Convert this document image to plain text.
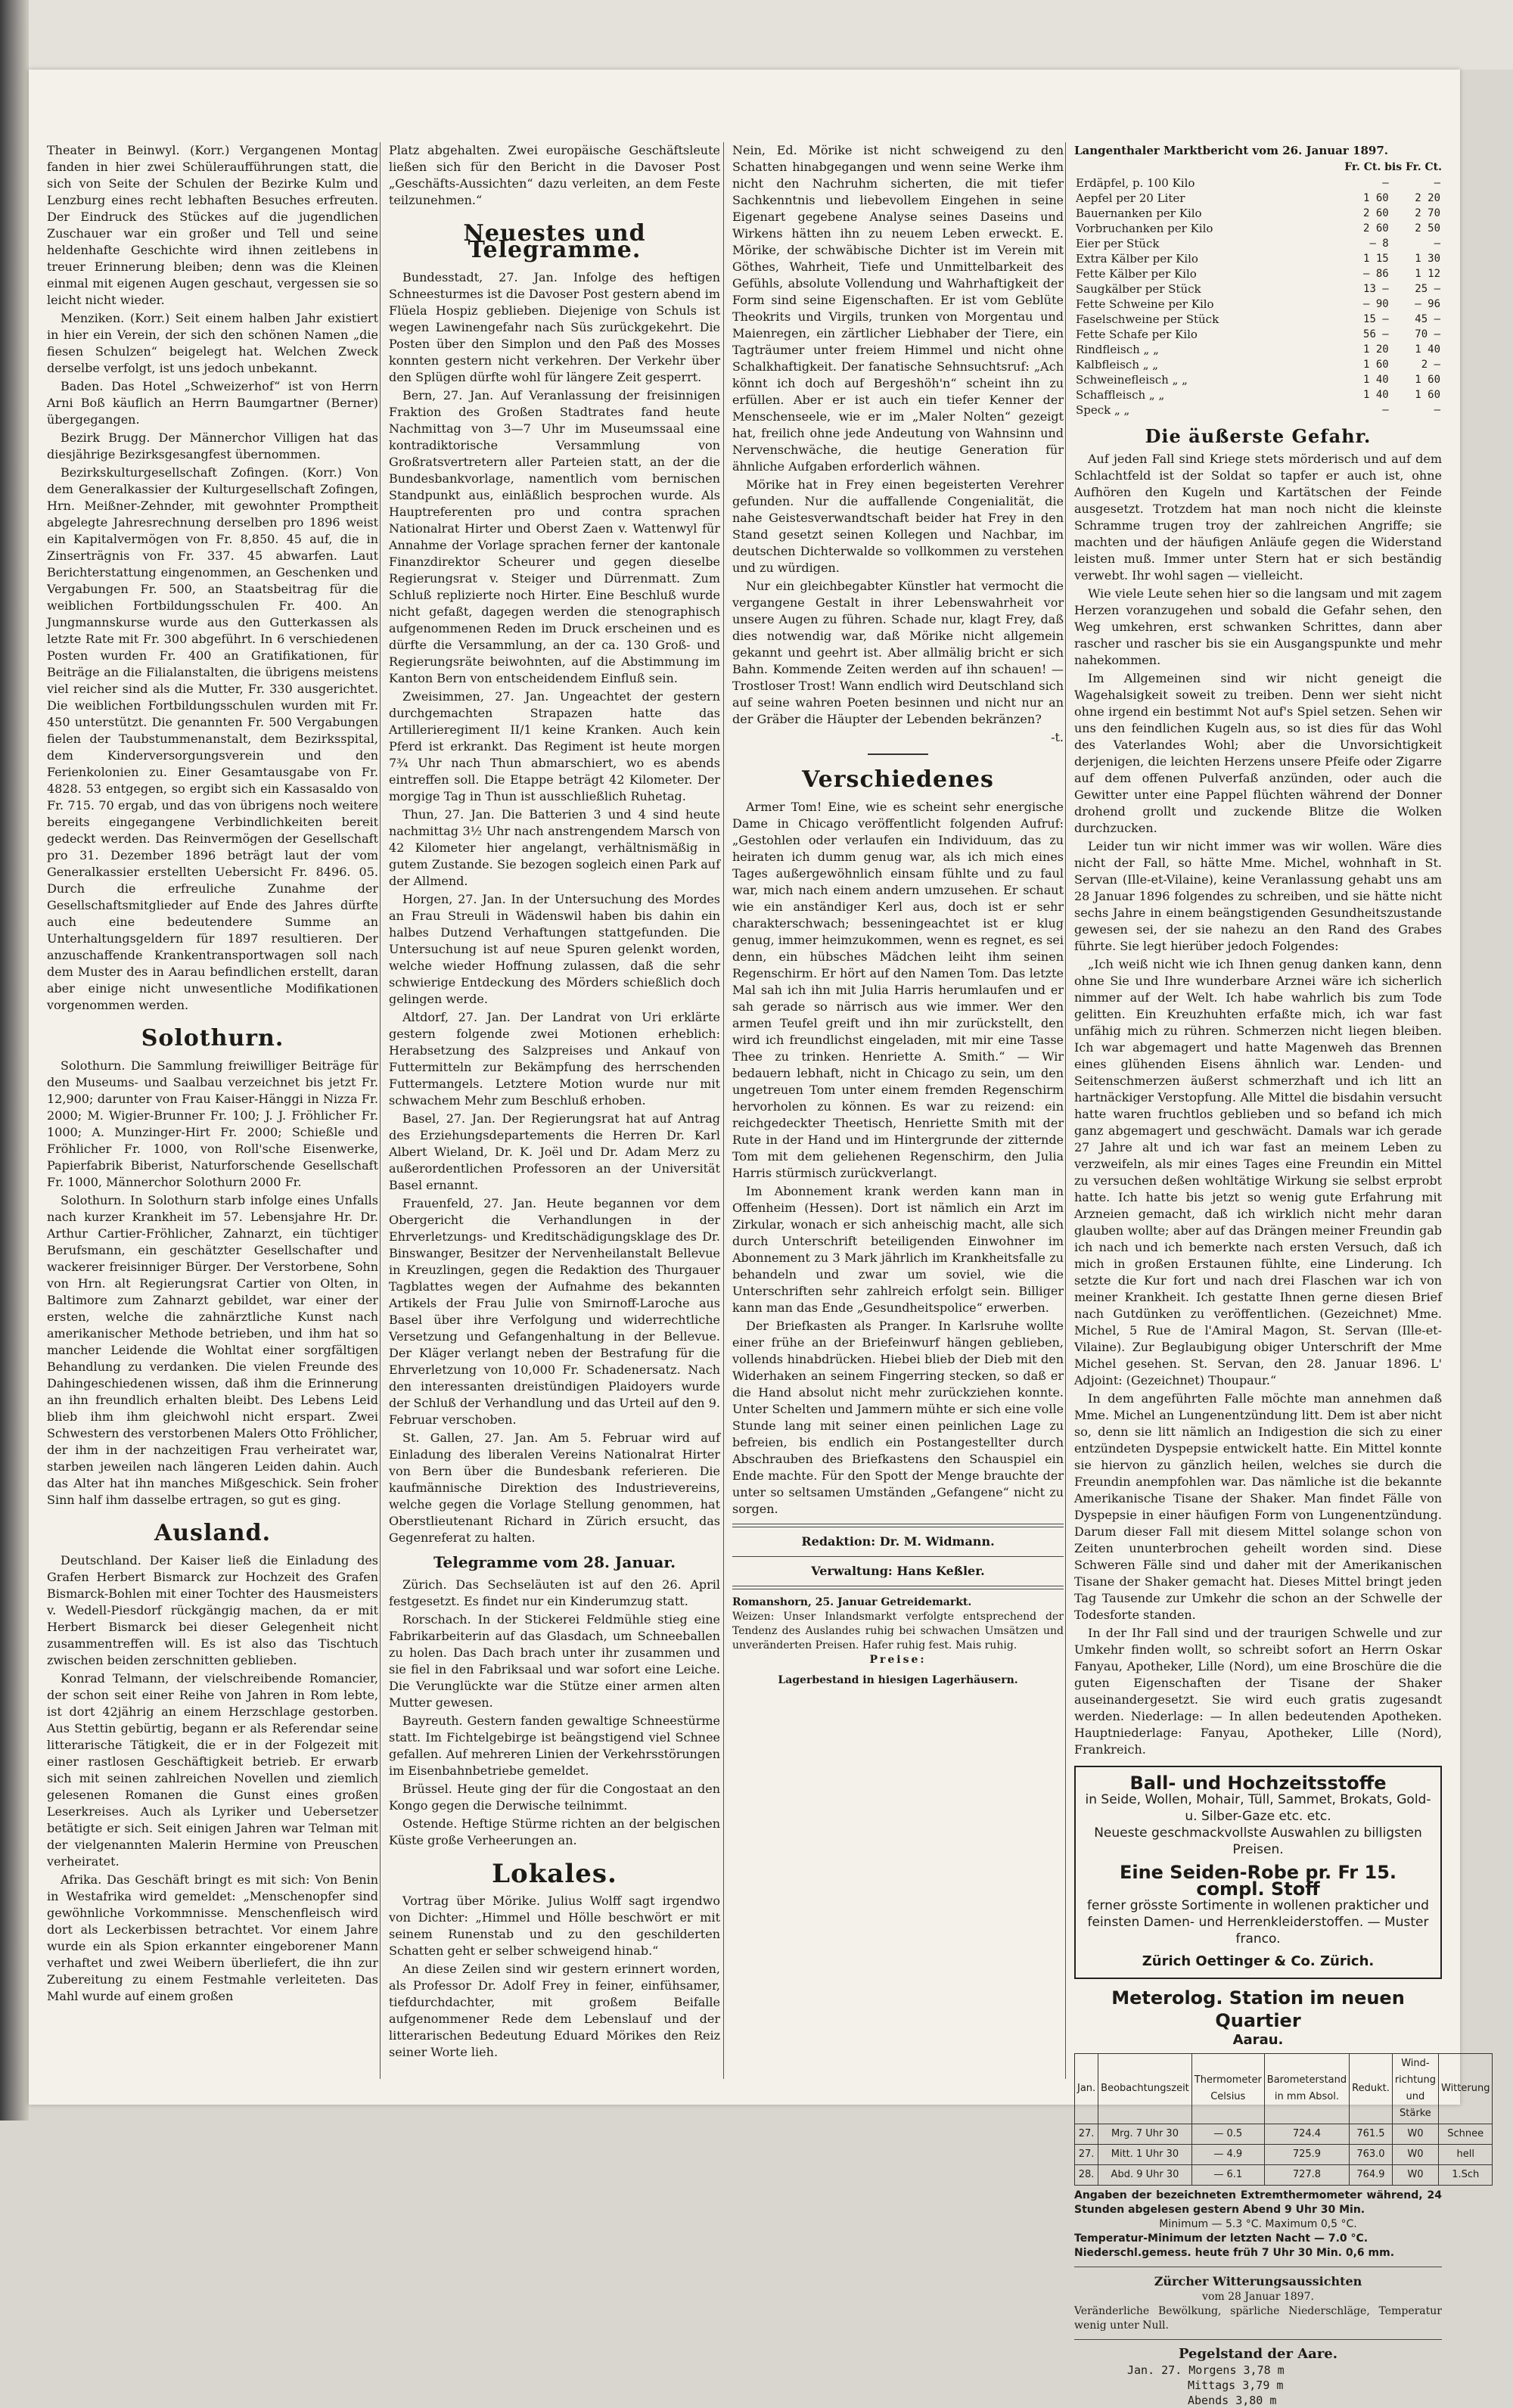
Theater in Beinwyl. (Korr.) Vergangenen Montag fanden in hier zwei Schüleraufführungen statt, die sich von Seite der Schulen der Bezirke Kulm und Lenzburg eines recht lebhaften Besuches erfreuten. Der Eindruck des Stückes auf die jugendlichen Zuschauer war ein großer und Tell und seine heldenhafte Geschichte wird ihnen zeitlebens in treuer Erinnerung bleiben; denn was die Kleinen einmal mit eigenen Augen geschaut, vergessen sie so leicht nicht wieder.

Menziken. (Korr.) Seit einem halben Jahr existiert in hier ein Verein, der sich den schönen Namen „die fiesen Schulzen“ beigelegt hat. Welchen Zweck derselbe verfolgt, ist uns jedoch unbekannt.

Baden. Das Hotel „Schweizerhof“ ist von Herrn Arni Boß käuflich an Herrn Baumgartner (Berner) übergegangen.

Bezirk Brugg. Der Männerchor Villigen hat das diesjährige Bezirksgesangfest übernommen.

Bezirkskulturgesellschaft Zofingen. (Korr.) Von dem Generalkassier der Kulturgesellschaft Zofingen, Hrn. Meißner-Zehnder, mit gewohnter Promptheit abgelegte Jahresrechnung derselben pro 1896 weist ein Kapitalvermögen von Fr. 8,850. 45 auf, die in Zinserträgnis von Fr. 337. 45 abwarfen. Laut Berichterstattung eingenommen, an Geschenken und Vergabungen Fr. 500, an Staatsbeitrag für die weiblichen Fortbildungsschulen Fr. 400. An Jungmannskurse wurde aus den Gutterkassen als letzte Rate mit Fr. 300 abgeführt. In 6 verschiedenen Posten wurden Fr. 400 an Gratifikationen, für Beiträge an die Filialanstalten, die übrigens meistens viel reicher sind als die Mutter, Fr. 330 ausgerichtet. Die weiblichen Fortbildungsschulen wurden mit Fr. 450 unterstützt. Die genannten Fr. 500 Vergabungen fielen der Taubstummenanstalt, dem Bezirksspital, dem Kinderversorgungsverein und den Ferienkolonien zu. Einer Gesamtausgabe von Fr. 4828. 53 entgegen, so ergibt sich ein Kassasaldo von Fr. 715. 70 ergab, und das von übrigens noch weitere bereits eingegangene Verbindlichkeiten bereit gedeckt werden. Das Reinvermögen der Gesellschaft pro 31. Dezember 1896 beträgt laut der vom Generalkassier erstellten Uebersicht Fr. 8496. 05. Durch die erfreuliche Zunahme der Gesellschaftsmitglieder auf Ende des Jahres dürfte auch eine bedeutendere Summe an Unterhaltungsgeldern für 1897 resultieren. Der anzuschaffende Krankentransportwagen soll nach dem Muster des in Aarau befindlichen erstellt, daran aber einige nicht unwesentliche Modifikationen vorgenommen werden.

Solothurn.

Solothurn. Die Sammlung freiwilliger Beiträge für den Museums- und Saalbau verzeichnet bis jetzt Fr. 12,900; darunter von Frau Kaiser-Hänggi in Nizza Fr. 2000; M. Wigier-Brunner Fr. 100; J. J. Fröhlicher Fr. 1000; A. Munzinger-Hirt Fr. 2000; Schießle und Fröhlicher Fr. 1000, von Roll'sche Eisenwerke, Papierfabrik Biberist, Naturforschende Gesellschaft Fr. 1000, Männerchor Solothurn 2000 Fr.

Solothurn. In Solothurn starb infolge eines Unfalls nach kurzer Krankheit im 57. Lebensjahre Hr. Dr. Arthur Cartier-Fröhlicher, Zahnarzt, ein tüchtiger Berufsmann, ein geschätzter Gesellschafter und wackerer freisinniger Bürger. Der Verstorbene, Sohn von Hrn. alt Regierungsrat Cartier von Olten, in Baltimore zum Zahnarzt gebildet, war einer der ersten, welche die zahnärztliche Kunst nach amerikanischer Methode betrieben, und ihm hat so mancher Leidende die Wohltat einer sorgfältigen Behandlung zu verdanken. Die vielen Freunde des Dahingeschiedenen wissen, daß ihm die Erinnerung an ihn freundlich erhalten bleibt. Des Lebens Leid blieb ihm ihm gleichwohl nicht erspart. Zwei Schwestern des verstorbenen Malers Otto Fröhlicher, der ihm in der nachzeitigen Frau verheiratet war, starben jeweilen nach längeren Leiden dahin. Auch das Alter hat ihn manches Mißgeschick. Sein froher Sinn half ihm dasselbe ertragen, so gut es ging.

Ausland.

Deutschland. Der Kaiser ließ die Einladung des Grafen Herbert Bismarck zur Hochzeit des Grafen Bismarck-Bohlen mit einer Tochter des Hausmeisters v. Wedell-Piesdorf rückgängig machen, da er mit Herbert Bismarck bei dieser Gelegenheit nicht zusammentreffen will. Es ist also das Tischtuch zwischen beiden zerschnitten geblieben.

Konrad Telmann, der vielschreibende Romancier, der schon seit einer Reihe von Jahren in Rom lebte, ist dort 42jährig an einem Herzschlage gestorben. Aus Stettin gebürtig, begann er als Referendar seine litterarische Tätigkeit, die er in der Folgezeit mit einer rastlosen Geschäftigkeit betrieb. Er erwarb sich mit seinen zahlreichen Novellen und ziemlich gelesenen Romanen die Gunst eines großen Leserkreises. Auch als Lyriker und Uebersetzer betätigte er sich. Seit einigen Jahren war Telman mit der vielgenannten Malerin Hermine von Preuschen verheiratet.

Afrika. Das Geschäft bringt es mit sich: Von Benin in Westafrika wird gemeldet: „Menschenopfer sind gewöhnliche Vorkommnisse. Menschenfleisch wird dort als Leckerbissen betrachtet. Vor einem Jahre wurde ein als Spion erkannter eingeborener Mann verhaftet und zwei Weibern überliefert, die ihn zur Zubereitung zu einem Festmahle verleiteten. Das Mahl wurde auf einem großen

Platz abgehalten. Zwei europäische Geschäftsleute ließen sich für den Bericht in die Davoser Post „Geschäfts-Aussichten“ dazu verleiten, an dem Feste teilzunehmen.“

Neuestes und Telegramme.

Bundesstadt, 27. Jan. Infolge des heftigen Schneesturmes ist die Davoser Post gestern abend im Flüela Hospiz geblieben. Diejenige von Schuls ist wegen Lawinengefahr nach Süs zurückgekehrt. Die Posten über den Simplon und den Paß des Mosses konnten gestern nicht verkehren. Der Verkehr über den Splügen dürfte wohl für längere Zeit gesperrt.

Bern, 27. Jan. Auf Veranlassung der freisinnigen Fraktion des Großen Stadtrates fand heute Nachmittag von 3—7 Uhr im Museumssaal eine kontradiktorische Versammlung von Großratsvertretern aller Parteien statt, an der die Bundesbankvorlage, namentlich vom bernischen Standpunkt aus, einläßlich besprochen wurde. Als Hauptreferenten pro und contra sprachen Nationalrat Hirter und Oberst Zaen v. Wattenwyl für Annahme der Vorlage sprachen ferner der kantonale Finanzdirektor Scheurer und gegen dieselbe Regierungsrat v. Steiger und Dürrenmatt. Zum Schluß replizierte noch Hirter. Eine Beschluß wurde nicht gefaßt, dagegen werden die stenographisch aufgenommenen Reden im Druck erscheinen und es dürfte die Versammlung, an der ca. 130 Groß- und Regierungsräte beiwohnten, auf die Abstimmung im Kanton Bern von entscheidendem Einfluß sein.

Zweisimmen, 27. Jan. Ungeachtet der gestern durchgemachten Strapazen hatte das Artillerieregiment II/1 keine Kranken. Auch kein Pferd ist erkrankt. Das Regiment ist heute morgen 7¾ Uhr nach Thun abmarschiert, wo es abends eintreffen soll. Die Etappe beträgt 42 Kilometer. Der morgige Tag in Thun ist ausschließlich Ruhetag.

Thun, 27. Jan. Die Batterien 3 und 4 sind heute nachmittag 3½ Uhr nach anstrengendem Marsch von 42 Kilometer hier angelangt, verhältnismäßig in gutem Zustande. Sie bezogen sogleich einen Park auf der Allmend.

Horgen, 27. Jan. In der Untersuchung des Mordes an Frau Streuli in Wädenswil haben bis dahin ein halbes Dutzend Verhaftungen stattgefunden. Die Untersuchung ist auf neue Spuren gelenkt worden, welche wieder Hoffnung zulassen, daß die sehr schwierige Entdeckung des Mörders schießlich doch gelingen werde.

Altdorf, 27. Jan. Der Landrat von Uri erklärte gestern folgende zwei Motionen erheblich: Herabsetzung des Salzpreises und Ankauf von Futtermitteln zur Bekämpfung des herrschenden Futtermangels. Letztere Motion wurde nur mit schwachem Mehr zum Beschluß erhoben.

Basel, 27. Jan. Der Regierungsrat hat auf Antrag des Erziehungsdepartements die Herren Dr. Karl Albert Wieland, Dr. K. Joël und Dr. Adam Merz zu außerordentlichen Professoren an der Universität Basel ernannt.

Frauenfeld, 27. Jan. Heute begannen vor dem Obergericht die Verhandlungen in der Ehrverletzungs- und Kreditschädigungsklage des Dr. Binswanger, Besitzer der Nervenheilanstalt Bellevue in Kreuzlingen, gegen die Redaktion des Thurgauer Tagblattes wegen der Aufnahme des bekannten Artikels der Frau Julie von Smirnoff-Laroche aus Basel über ihre Verfolgung und widerrechtliche Versetzung und Gefangenhaltung in der Bellevue. Der Kläger verlangt neben der Bestrafung für die Ehrverletzung von 10,000 Fr. Schadenersatz. Nach den interessanten dreistündigen Plaidoyers wurde der Schluß der Verhandlung und das Urteil auf den 9. Februar verschoben.

St. Gallen, 27. Jan. Am 5. Februar wird auf Einladung des liberalen Vereins Nationalrat Hirter von Bern über die Bundesbank referieren. Die kaufmännische Direktion des Industrievereins, welche gegen die Vorlage Stellung genommen, hat Oberstlieutenant Richard in Zürich ersucht, das Gegenreferat zu halten.

Telegramme vom 28. Januar.

Zürich. Das Sechseläuten ist auf den 26. April festgesetzt. Es findet nur ein Kinderumzug statt.

Rorschach. In der Stickerei Feldmühle stieg eine Fabrikarbeiterin auf das Glasdach, um Schneeballen zu holen. Das Dach brach unter ihr zusammen und sie fiel in den Fabriksaal und war sofort eine Leiche. Die Verunglückte war die Stütze einer armen alten Mutter gewesen.

Bayreuth. Gestern fanden gewaltige Schneestürme statt. Im Fichtelgebirge ist beängstigend viel Schnee gefallen. Auf mehreren Linien der Verkehrsstörungen im Eisenbahnbetriebe gemeldet.

Brüssel. Heute ging der für die Congostaat an den Kongo gegen die Derwische teilnimmt.

Ostende. Heftige Stürme richten an der belgischen Küste große Verheerungen an.

Lokales.

Vortrag über Mörike. Julius Wolff sagt irgendwo von Dichter: „Himmel und Hölle beschwört er mit seinem Runenstab und zu den geschilderten Schatten geht er selber schweigend hinab.“

An diese Zeilen sind wir gestern erinnert worden, als Professor Dr. Adolf Frey in feiner, einfühsamer, tiefdurchdachter, mit großem Beifalle aufgenommener Rede dem Lebenslauf und der litterarischen Bedeutung Eduard Mörikes den Reiz seiner Worte lieh.

Nein, Ed. Mörike ist nicht schweigend zu den Schatten hinabgegangen und wenn seine Werke ihm nicht den Nachruhm sicherten, die mit tiefer Sachkenntnis und liebevollem Eingehen in seine Eigenart gegebene Analyse seines Daseins und Wirkens hätten ihn zu neuem Leben erweckt. E. Mörike, der schwäbische Dichter ist im Verein mit Göthes, Wahrheit, Tiefe und Unmittelbarkeit des Gefühls, absolute Vollendung und Wahrhaftigkeit der Form sind seine Eigenschaften. Er ist vom Geblüte Theokrits und Virgils, trunken von Morgentau und Maienregen, ein zärtlicher Liebhaber der Tiere, ein Tagträumer unter freiem Himmel und nicht ohne Schalkhaftigkeit. Der fanatische Sehnsuchtsruf: „Ach könnt ich doch auf Bergeshöh'n“ scheint ihn zu erfüllen. Aber er ist auch ein tiefer Kenner der Menschenseele, wie er im „Maler Nolten“ gezeigt hat, freilich ohne jede Andeutung von Wahnsinn und Nervenschwäche, die heutige Generation für ähnliche Aufgaben erforderlich wähnen.

Mörike hat in Frey einen begeisterten Verehrer gefunden. Nur die auffallende Congenialität, die nahe Geistesverwandtschaft beider hat Frey in den Stand gesetzt seinen Kollegen und Nachbar, im deutschen Dichterwalde so vollkommen zu verstehen und zu würdigen.

Nur ein gleichbegabter Künstler hat vermocht die vergangene Gestalt in ihrer Lebenswahrheit vor unsere Augen zu führen. Schade nur, klagt Frey, daß dies notwendig war, daß Mörike nicht allgemein gekannt und geehrt ist. Aber allmälig bricht er sich Bahn. Kommende Zeiten werden auf ihn schauen! — Trostloser Trost! Wann endlich wird Deutschland sich auf seine wahren Poeten besinnen und nicht nur an der Gräber die Häupter der Lebenden bekränzen?

-t.
Verschiedenes

Armer Tom! Eine, wie es scheint sehr energische Dame in Chicago veröffentlicht folgenden Aufruf: „Gestohlen oder verlaufen ein Individuum, das zu heiraten ich dumm genug war, als ich mich eines Tages außergewöhnlich einsam fühlte und zu faul war, mich nach einem andern umzusehen. Er schaut wie ein anständiger Kerl aus, doch ist er sehr charakterschwach; besseningeachtet ist er klug genug, immer heimzukommen, wenn es regnet, es sei denn, ein hübsches Mädchen leiht ihm seinen Regenschirm. Er hört auf den Namen Tom. Das letzte Mal sah ich ihn mit Julia Harris herumlaufen und er sah gerade so närrisch aus wie immer. Wer den armen Teufel greift und ihn mir zurückstellt, den wird ich freundlichst eingeladen, mit mir eine Tasse Thee zu trinken. Henriette A. Smith.“ — Wir bedauern lebhaft, nicht in Chicago zu sein, um den ungetreuen Tom unter einem fremden Regenschirm hervorholen zu können. Es war zu reizend: ein reichgedeckter Theetisch, Henriette Smith mit der Rute in der Hand und im Hintergrunde der zitternde Tom mit dem geliehenen Regenschirm, den Julia Harris stürmisch zurückverlangt.

Im Abonnement krank werden kann man in Offenheim (Hessen). Dort ist nämlich ein Arzt im Zirkular, wonach er sich anheischig macht, alle sich durch Unterschrift beteiligenden Einwohner im Abonnement zu 3 Mark jährlich im Krankheitsfalle zu behandeln und zwar um soviel, wie die Unterschriften sehr zahlreich erfolgt sein. Billiger kann man das Ende „Gesundheitspolice“ erwerben.

Der Briefkasten als Pranger. In Karlsruhe wollte einer frühe an der Briefeinwurf hängen geblieben, vollends hinabdrücken. Hiebei blieb der Dieb mit den Widerhaken an seinem Fingerring stecken, so daß er die Hand absolut nicht mehr zurückziehen konnte. Unter Schelten und Jammern mühte er sich eine volle Stunde lang mit seiner einen peinlichen Lage zu befreien, bis endlich ein Postangestellter durch Abschrauben des Briefkastens den Schauspiel ein Ende machte. Für den Spott der Menge brauchte der unter so seltsamen Umständen „Gefangene“ nicht zu sorgen.

Redaktion: Dr. M. Widmann.
Verwaltung: Hans Keßler.
Romanshorn, 25. Januar Getreidemarkt.
Weizen: Unser Inlandsmarkt verfolgte entsprechend der Tendenz des Auslandes ruhig bei schwachen Umsätzen und unveränderten Preisen. Hafer ruhig fest. Mais ruhig.
Preise:
Lagerbestand in hiesigen Lagerhäusern.
Langenthaler Marktbericht vom 26. Januar 1897.
Fr. Ct. bis Fr. Ct.
Erdäpfel, p. 100 Kilo	—	—
Aepfel per 20 Liter	1 60	2 20
Bauernanken per Kilo	2 60	2 70
Vorbruchanken per Kilo	2 60	2 50
Eier per Stück	— 8	—
Extra Kälber per Kilo	1 15	1 30
Fette Kälber per Kilo	— 86	1 12
Saugkälber per Stück	13 —	25 —
Fette Schweine per Kilo	— 90	— 96
Faselschweine per Stück	15 —	45 —
Fette Schafe per Kilo	56 —	70 —
Rindfleisch „ „	1 20	1 40
Kalbfleisch „ „	1 60	2 —
Schweinefleisch „ „	1 40	1 60
Schaffleisch „ „	1 40	1 60
Speck „ „	—	—
Die äußerste Gefahr.

Auf jeden Fall sind Kriege stets mörderisch und auf dem Schlachtfeld ist der Soldat so tapfer er auch ist, ohne Aufhören den Kugeln und Kartätschen der Feinde ausgesetzt. Trotzdem hat man noch nicht die kleinste Schramme trugen troy der zahlreichen Angriffe; sie machten und der häufigen Anläufe gegen die Widerstand leisten muß. Immer unter Stern hat er sich beständig verwebt. Ihr wohl sagen — vielleicht.

Wie viele Leute sehen hier so die langsam und mit zagem Herzen voranzugehen und sobald die Gefahr sehen, den Weg umkehren, erst schwanken Schrittes, dann aber rascher und rascher bis sie ein Ausgangspunkte und mehr nahekommen.

Im Allgemeinen sind wir nicht geneigt die Wagehalsigkeit soweit zu treiben. Denn wer sieht nicht ohne irgend ein bestimmt Not auf's Spiel setzen. Sehen wir uns den feindlichen Kugeln aus, so ist dies für das Wohl des Vaterlandes Wohl; aber die Unvorsichtigkeit derjenigen, die leichten Herzens unsere Pfeife oder Zigarre auf dem offenen Pulverfaß anzünden, oder auch die Gewitter unter eine Pappel flüchten während der Donner drohend grollt und zuckende Blitze die Wolken durchzucken.

Leider tun wir nicht immer was wir wollen. Wäre dies nicht der Fall, so hätte Mme. Michel, wohnhaft in St. Servan (Ille-et-Vilaine), keine Veranlassung gehabt uns am 28 Januar 1896 folgendes zu schreiben, und sie hätte nicht sechs Jahre in einem beängstigenden Gesundheitszustande gewesen sei, der sie nahezu an den Rand des Grabes führte. Sie legt hierüber jedoch Folgendes:

„Ich weiß nicht wie ich Ihnen genug danken kann, denn ohne Sie und Ihre wunderbare Arznei wäre ich sicherlich nimmer auf der Welt. Ich habe wahrlich bis zum Tode gelitten. Ein Kreuzhuhten erfaßte mich, ich war fast unfähig mich zu rühren. Schmerzen nicht liegen bleiben. Ich war abgemagert und hatte Magenweh das Brennen eines glühenden Eisens ähnlich war. Lenden- und Seitenschmerzen äußerst schmerzhaft und ich litt an hartnäckiger Verstopfung. Alle Mittel die bisdahin versucht hatte waren fruchtlos geblieben und so befand ich mich ganz abgemagert und geschwächt. Damals war ich gerade 27 Jahre alt und ich war fast an meinem Leben zu verzweifeln, als mir eines Tages eine Freundin ein Mittel zu versuchen deßen wohltätige Wirkung sie selbst erprobt hatte. Ich hatte bis jetzt so wenig gute Erfahrung mit Arzneien gemacht, daß ich wirklich nicht mehr daran glauben wollte; aber auf das Drängen meiner Freundin gab ich nach und ich bemerkte nach ersten Versuch, daß ich mich in großen Erstaunen fühlte, eine Linderung. Ich setzte die Kur fort und nach drei Flaschen war ich von meiner Krankheit. Ich gestatte Ihnen gerne diesen Brief nach Gutdünken zu veröffentlichen. (Gezeichnet) Mme. Michel, 5 Rue de l'Amiral Magon, St. Servan (Ille-et-Vilaine). Zur Beglaubigung obiger Unterschrift der Mme Michel gesehen. St. Servan, den 28. Januar 1896. L' Adjoint: (Gezeichnet) Thoupaur.“

In dem angeführten Falle möchte man annehmen daß Mme. Michel an Lungenentzündung litt. Dem ist aber nicht so, denn sie litt nämlich an Indigestion die sich zu einer entzündeten Dyspepsie entwickelt hatte. Ein Mittel konnte sie hiervon zu gänzlich heilen, welches sie durch die Freundin anempfohlen war. Das nämliche ist die bekannte Amerikanische Tisane der Shaker. Man findet Fälle von Dyspepsie in einer häufigen Form von Lungenentzündung. Darum dieser Fall mit diesem Mittel solange schon von Zeiten ununterbrochen geheilt worden sind. Diese Schweren Fälle sind und daher mit der Amerikanischen Tisane der Shaker gemacht hat. Dieses Mittel bringt jeden Tag Tausende zur Umkehr die schon an der Schwelle der Todesforte standen.

In der Ihr Fall sind und der traurigen Schwelle und zur Umkehr finden wollt, so schreibt sofort an Herrn Oskar Fanyau, Apotheker, Lille (Nord), um eine Broschüre die die guten Eigenschaften der Tisane der Shaker auseinandergesetzt. Sie wird euch gratis zugesandt werden. Niederlage: — In allen bedeutenden Apotheken. Hauptniederlage: Fanyau, Apotheker, Lille (Nord), Frankreich.

Ball- und Hochzeitsstoffe
in Seide, Wollen, Mohair, Tüll, Sammet, Brokats, Gold- u. Silber-Gaze etc. etc.
Neueste geschmackvollste Auswahlen zu billigsten Preisen.
Eine Seiden-Robe pr. Fr 15. compl. Stoff
ferner grösste Sortimente in wollenen prakticher und feinsten Damen- und Herrenkleiderstoffen. — Muster franco.
Zürich Oettinger & Co. Zürich.
Meterolog. Station im neuen Quartier
Aarau.
Jan.	Beobachtungszeit	Thermometer Celsius	Barometerstand in mm Absol.	Redukt.	Wind-richtung und Stärke	Witterung
27.	Mrg. 7 Uhr 30	— 0.5	724.4	761.5	W0	Schnee
27.	Mitt. 1 Uhr 30	— 4.9	725.9	763.0	W0	hell
28.	Abd. 9 Uhr 30	— 6.1	727.8	764.9	W0	1.Sch
Angaben der bezeichneten Extremthermometer während, 24 Stunden abgelesen gestern Abend 9 Uhr 30 Min.
Minimum — 5.3 °C. Maximum 0,5 °C.
Temperatur-Minimum der letzten Nacht — 7.0 °C.
Niederschl.gemess. heute früh 7 Uhr 30 Min. 0,6 mm.
Zürcher Witterungsaussichten
vom 28 Januar 1897.
Veränderliche Bewölkung, spärliche Niederschläge, Temperatur wenig unter Null.
Pegelstand der Aare.
Jan. 27. Morgens 3,78 m
Mittags 3,79 m
Abends 3,80 m
